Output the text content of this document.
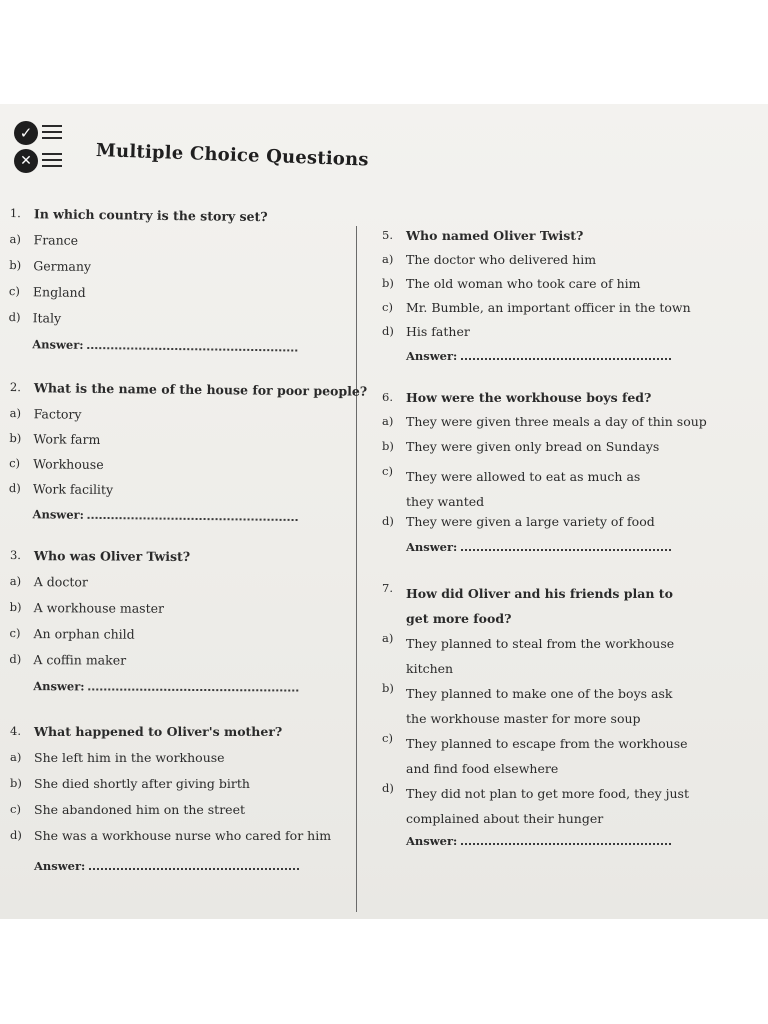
✓
✕	Multiple Choice Questions
1.	In which country is the story set?
a) France
b) Germany
c)	England
d) Italy
Answer:
2.	What is the name of the house for poor people?
a) Factory
b) Work farm
c)	Workhouse
d) Work facility
Answer:
3.	Who was Oliver Twist?
a)	A doctor
b) A workhouse master
c)	An orphan child
d) A coffin maker
Answer:
4.	What happened to Oliver's mother?
a)	She left him in the workhouse
b) She died shortly after giving birth
c)	She abandoned him on the street
d) She was a workhouse nurse who cared for him
Answer:
5.	Who named Oliver Twist?
a)	The doctor who delivered him
b) The old woman who took care of him
c)	Mr. Bumble, an important officer in the town
d) His father
Answer:
6.	How were the workhouse boys fed?
a)	They were given three meals a day of thin soup
b) They were given only bread on Sundays
c)	They were allowed to eat as much as they wanted
d) They were given a large variety of food
Answer:
7.	How did Oliver and his friends plan to get more food?
a)	They planned to steal from the workhouse kitchen
b) They planned to make one of the boys ask the workhouse master for more soup
c)	They planned to escape from the workhouse and find food elsewhere
d) They did not plan to get more food, they just complained about their hunger
Answer:
